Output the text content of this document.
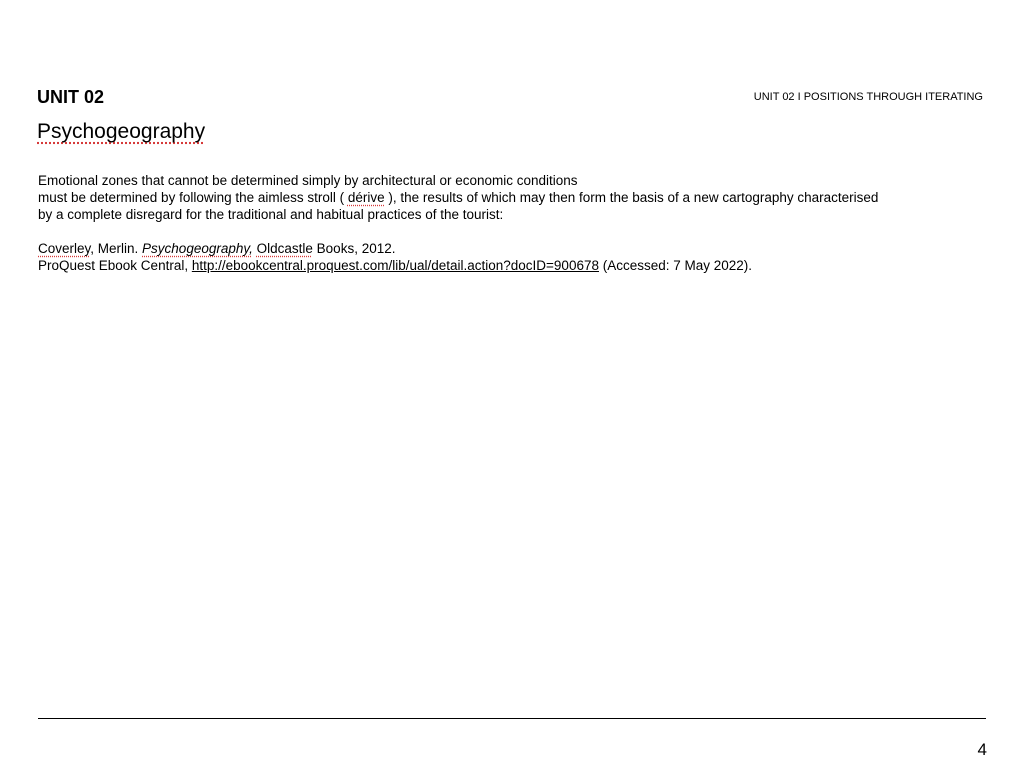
UNIT 02	UNIT 02 I POSITIONS THROUGH ITERATING

Psychogeography

Emotional zones that cannot be determined simply by architectural or economic conditions

must be determined by following the aimless stroll ( dérive ), the results of which may then form the basis of a new cartography characterised

by a complete disregard for the traditional and habitual practices of the tourist:

Coverley, Merlin. Psychogeography, Oldcastle Books, 2012.

ProQuest Ebook Central, http://ebookcentral.proquest.com/lib/ual/detail.action?docID=900678 (Accessed: 7 May 2022).

4
